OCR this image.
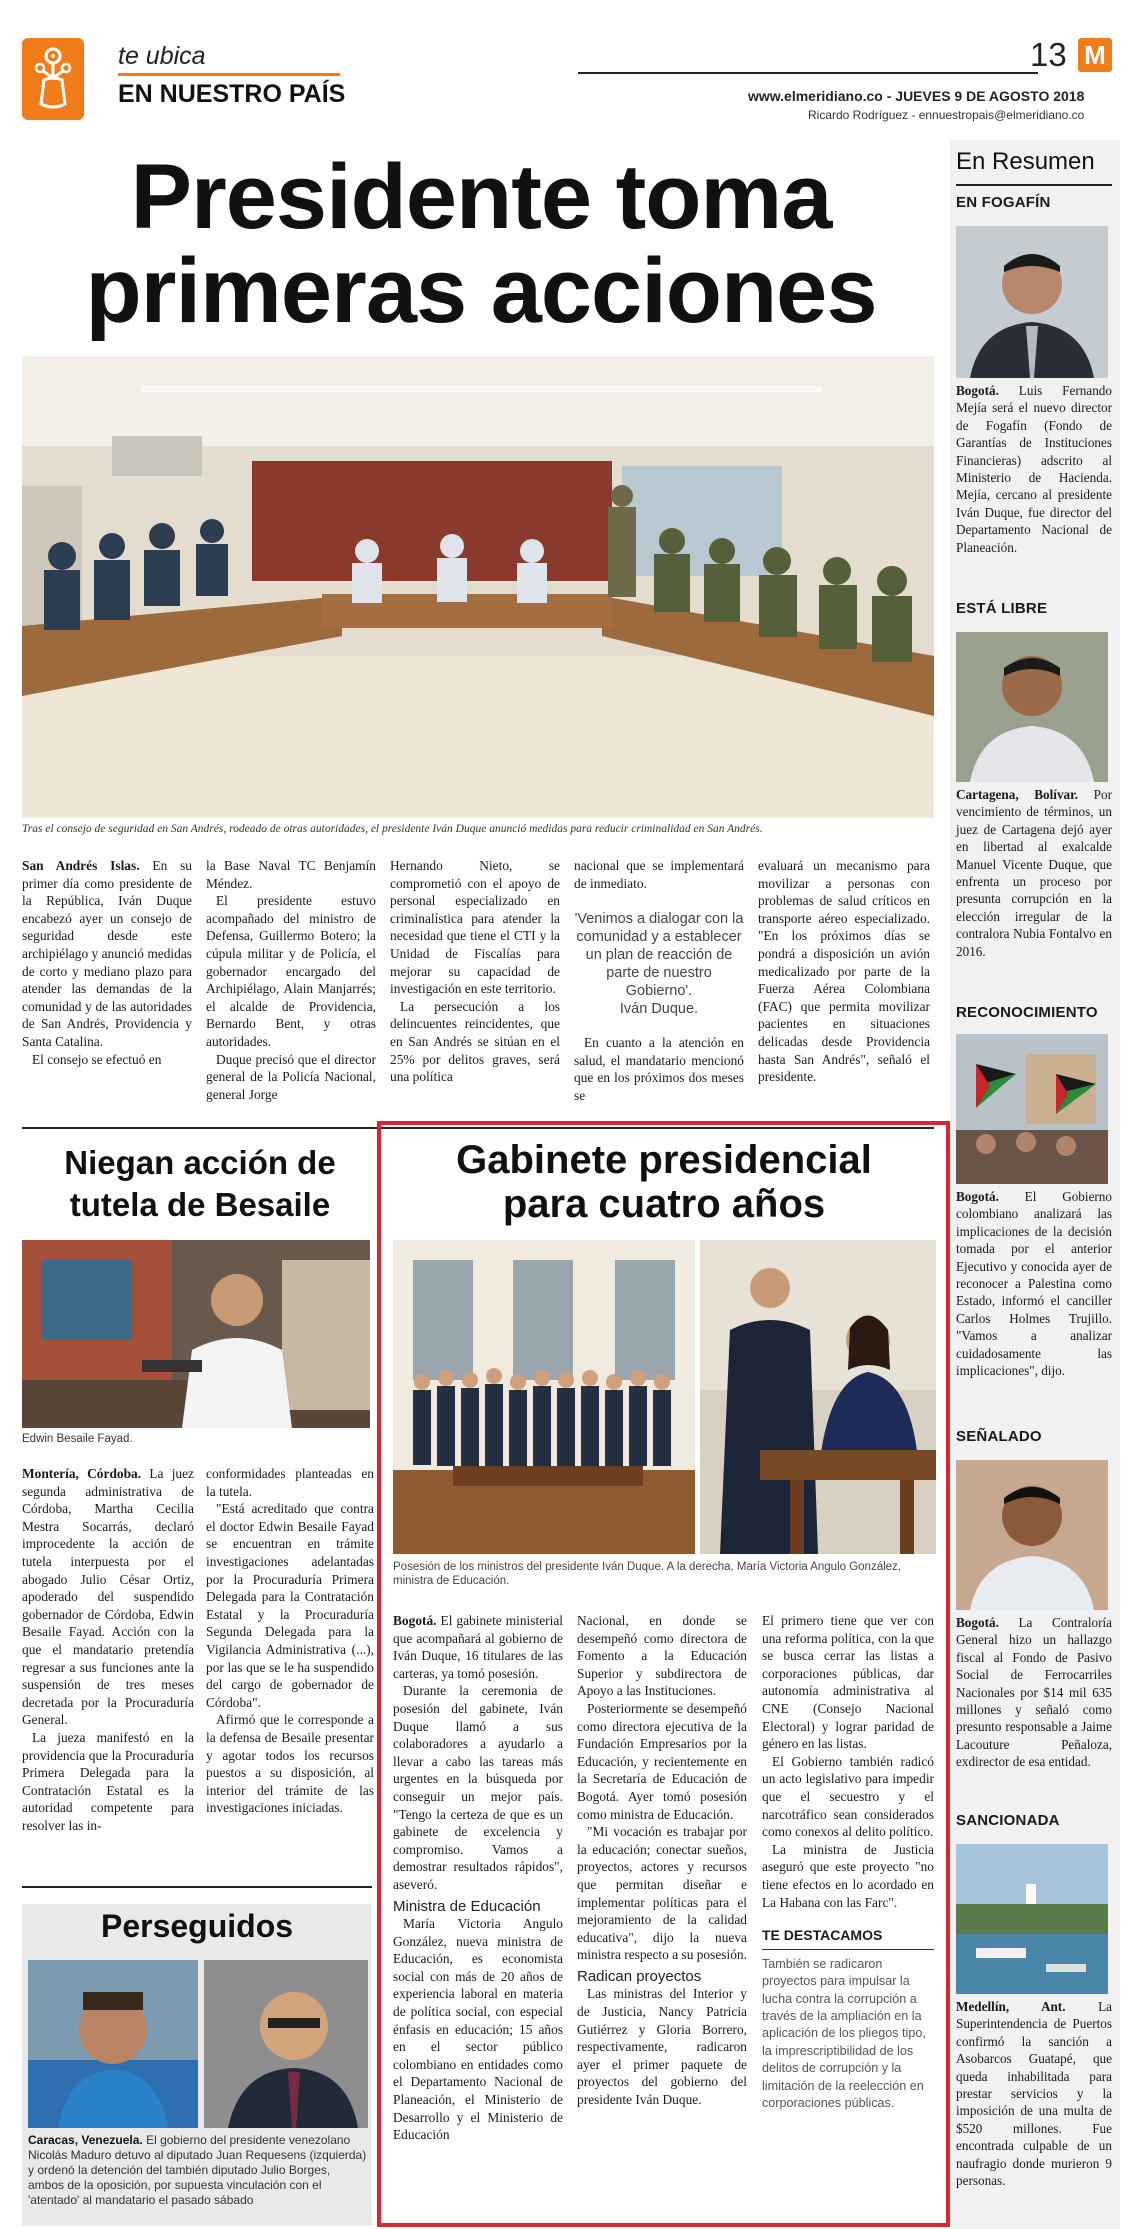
te ubica
EN NUESTRO PAÍS
13 M
www.elmeridiano.co - JUEVES 9 DE AGOSTO 2018
Ricardo Rodríguez - ennuestropais@elmeridiano.co
Presidente toma
primeras acciones
Tras el consejo de seguridad en San Andrés, rodeado de otras autoridades, el presidente Iván Duque anunció medidas para reducir criminalidad en San Andrés.

San Andrés Islas. En su primer día como presidente de la República, Iván Duque encabezó ayer un consejo de seguridad desde este archipiélago y anunció medidas de corto y mediano plazo para atender las demandas de la comunidad y de las autoridades de San Andrés, Providencia y Santa Catalina.

El consejo se efectuó en

la Base Naval TC Benjamín Méndez.

El presidente estuvo acompañado del ministro de Defensa, Guillermo Botero; la cúpula militar y de Policía, el gobernador encargado del Archipiélago, Alain Manjarrés; el alcalde de Providencia, Bernardo Bent, y otras autoridades.

Duque precisó que el director general de la Policía Nacional, general Jorge

Hernando Nieto, se comprometió con el apoyo de personal especializado en criminalística para atender la necesidad que tiene el CTI y la Unidad de Fiscalías para mejorar su capacidad de investigación en este territorio.

La persecución a los delincuentes reincidentes, que en San Andrés se sitúan en el 25% por delitos graves, será una política

nacional que se implementará de inmediato.

'Venimos a dialogar con la comunidad y a establecer un plan de reacción de parte de nuestro Gobierno'.

Iván Duque.

En cuanto a la atención en salud, el mandatario mencionó que en los próximos dos meses se

evaluará un mecanismo para movilizar a personas con problemas de salud críticos en transporte aéreo especializado. "En los próximos días se pondrá a disposición un avión medicalizado por parte de la Fuerza Aérea Colombiana (FAC) que permita movilizar pacientes en situaciones delicadas desde Providencia hasta San Andrés", señaló el presidente.

Niegan acción de
tutela de Besaile
Edwin Besaile Fayad.

Montería, Córdoba. La juez segunda administrativa de Córdoba, Martha Cecilia Mestra Socarrás, declaró improcedente la acción de tutela interpuesta por el abogado Julio César Ortiz, apoderado del suspendido gobernador de Córdoba, Edwin Besaile Fayad. Acción con la que el mandatario pretendía regresar a sus funciones ante la suspensión de tres meses decretada por la Procuraduría General.

La jueza manifestó en la providencia que la Procuraduría Primera Delegada para la Contratación Estatal es la autoridad competente para resolver las in-

conformidades planteadas en la tutela.

"Está acreditado que contra el doctor Edwin Besaile Fayad se encuentran en trámite investigaciones adelantadas por la Procuraduría Primera Delegada para la Contratación Estatal y la Procuraduría Segunda Delegada para la Vigilancia Administrativa (...), por las que se le ha suspendido del cargo de gobernador de Córdoba".

Afirmó que le corresponde a la defensa de Besaile presentar y agotar todos los recursos puestos a su disposición, al interior del trámite de las investigaciones iniciadas.

Perseguidos
Caracas, Venezuela. El gobierno del presidente venezolano Nicolás Maduro detuvo al diputado Juan Requesens (izquierda) y ordenó la detención del también diputado Julio Borges, ambos de la oposición, por supuesta vinculación con el 'atentado' al mandatario el pasado sábado
Gabinete presidencial
para cuatro años
Posesión de los ministros del presidente Iván Duque. A la derecha, María Victoria Angulo González, ministra de Educación.

Bogotá. El gabinete ministerial que acompañará al gobierno de Iván Duque, 16 titulares de las carteras, ya tomó posesión.

Durante la ceremonia de posesión del gabinete, Iván Duque llamó a sus colaboradores a ayudarlo a llevar a cabo las tareas más urgentes en la búsqueda por conseguir un mejor país. "Tengo la certeza de que es un gabinete de excelencia y compromiso. Vamos a demostrar resultados rápidos", aseveró.

Ministra de Educación

María Victoria Angulo González, nueva ministra de Educación, es economista social con más de 20 años de experiencia laboral en materia de política social, con especial énfasis en educación; 15 años en el sector público colombiano en entidades como el Departamento Nacional de Planeación, el Ministerio de Desarrollo y el Ministerio de Educación

Nacional, en donde se desempeñó como directora de Fomento a la Educación Superior y subdirectora de Apoyo a las Instituciones.

Posteriormente se desempeñó como directora ejecutiva de la Fundación Empresarios por la Educación, y recientemente en la Secretaría de Educación de Bogotá. Ayer tomó posesión como ministra de Educación.

"Mi vocación es trabajar por la educación; conectar sueños, proyectos, actores y recursos que permitan diseñar e implementar políticas para el mejoramiento de la calidad educativa", dijo la nueva ministra respecto a su posesión.

Radican proyectos

Las ministras del Interior y de Justicia, Nancy Patricia Gutiérrez y Gloria Borrero, respectivamente, radicaron ayer el primer paquete de proyectos del gobierno del presidente Iván Duque.

El primero tiene que ver con una reforma política, con la que se busca cerrar las listas a corporaciones públicas, dar autonomía administrativa al CNE (Consejo Nacional Electoral) y lograr paridad de género en las listas.

El Gobierno también radicó un acto legislativo para impedir que el secuestro y el narcotráfico sean considerados como conexos al delito político.

La ministra de Justicia aseguró que este proyecto "no tiene efectos en lo acordado en La Habana con las Farc".

TE DESTACAMOS

También se radicaron proyectos para impulsar la lucha contra la corrupción a través de la ampliación en la aplicación de los pliegos tipo, la imprescriptibilidad de los delitos de corrupción y la limitación de la reelección en corporaciones públicas.

En Resumen
EN FOGAFÍN
Bogotá. Luis Fernando Mejía será el nuevo director de Fogafín (Fondo de Garantías de Instituciones Financieras) adscrito al Ministerio de Hacienda. Mejía, cercano al presidente Iván Duque, fue director del Departamento Nacional de Planeación.
ESTÁ LIBRE
Cartagena, Bolívar. Por vencimiento de términos, un juez de Cartagena dejó ayer en libertad al exalcalde Manuel Vicente Duque, que enfrenta un proceso por presunta corrupción en la elección irregular de la contralora Nubia Fontalvo en 2016.
RECONOCIMIENTO
Bogotá. El Gobierno colombiano analizará las implicaciones de la decisión tomada por el anterior Ejecutivo y conocida ayer de reconocer a Palestina como Estado, informó el canciller Carlos Holmes Trujillo. "Vamos a analizar cuidadosamente las implicaciones", dijo.
SEÑALADO
Bogotá. La Contraloría General hizo un hallazgo fiscal al Fondo de Pasivo Social de Ferrocarriles Nacionales por $14 mil 635 millones y señaló como presunto responsable a Jaime Lacouture Peñaloza, exdirector de esa entidad.
SANCIONADA
Medellín, Ant. La Superintendencia de Puertos confirmó la sanción a Asobarcos Guatapé, que queda inhabilitada para prestar servicios y la imposición de una multa de $520 millones. Fue encontrada culpable de un naufragio donde murieron 9 personas.
